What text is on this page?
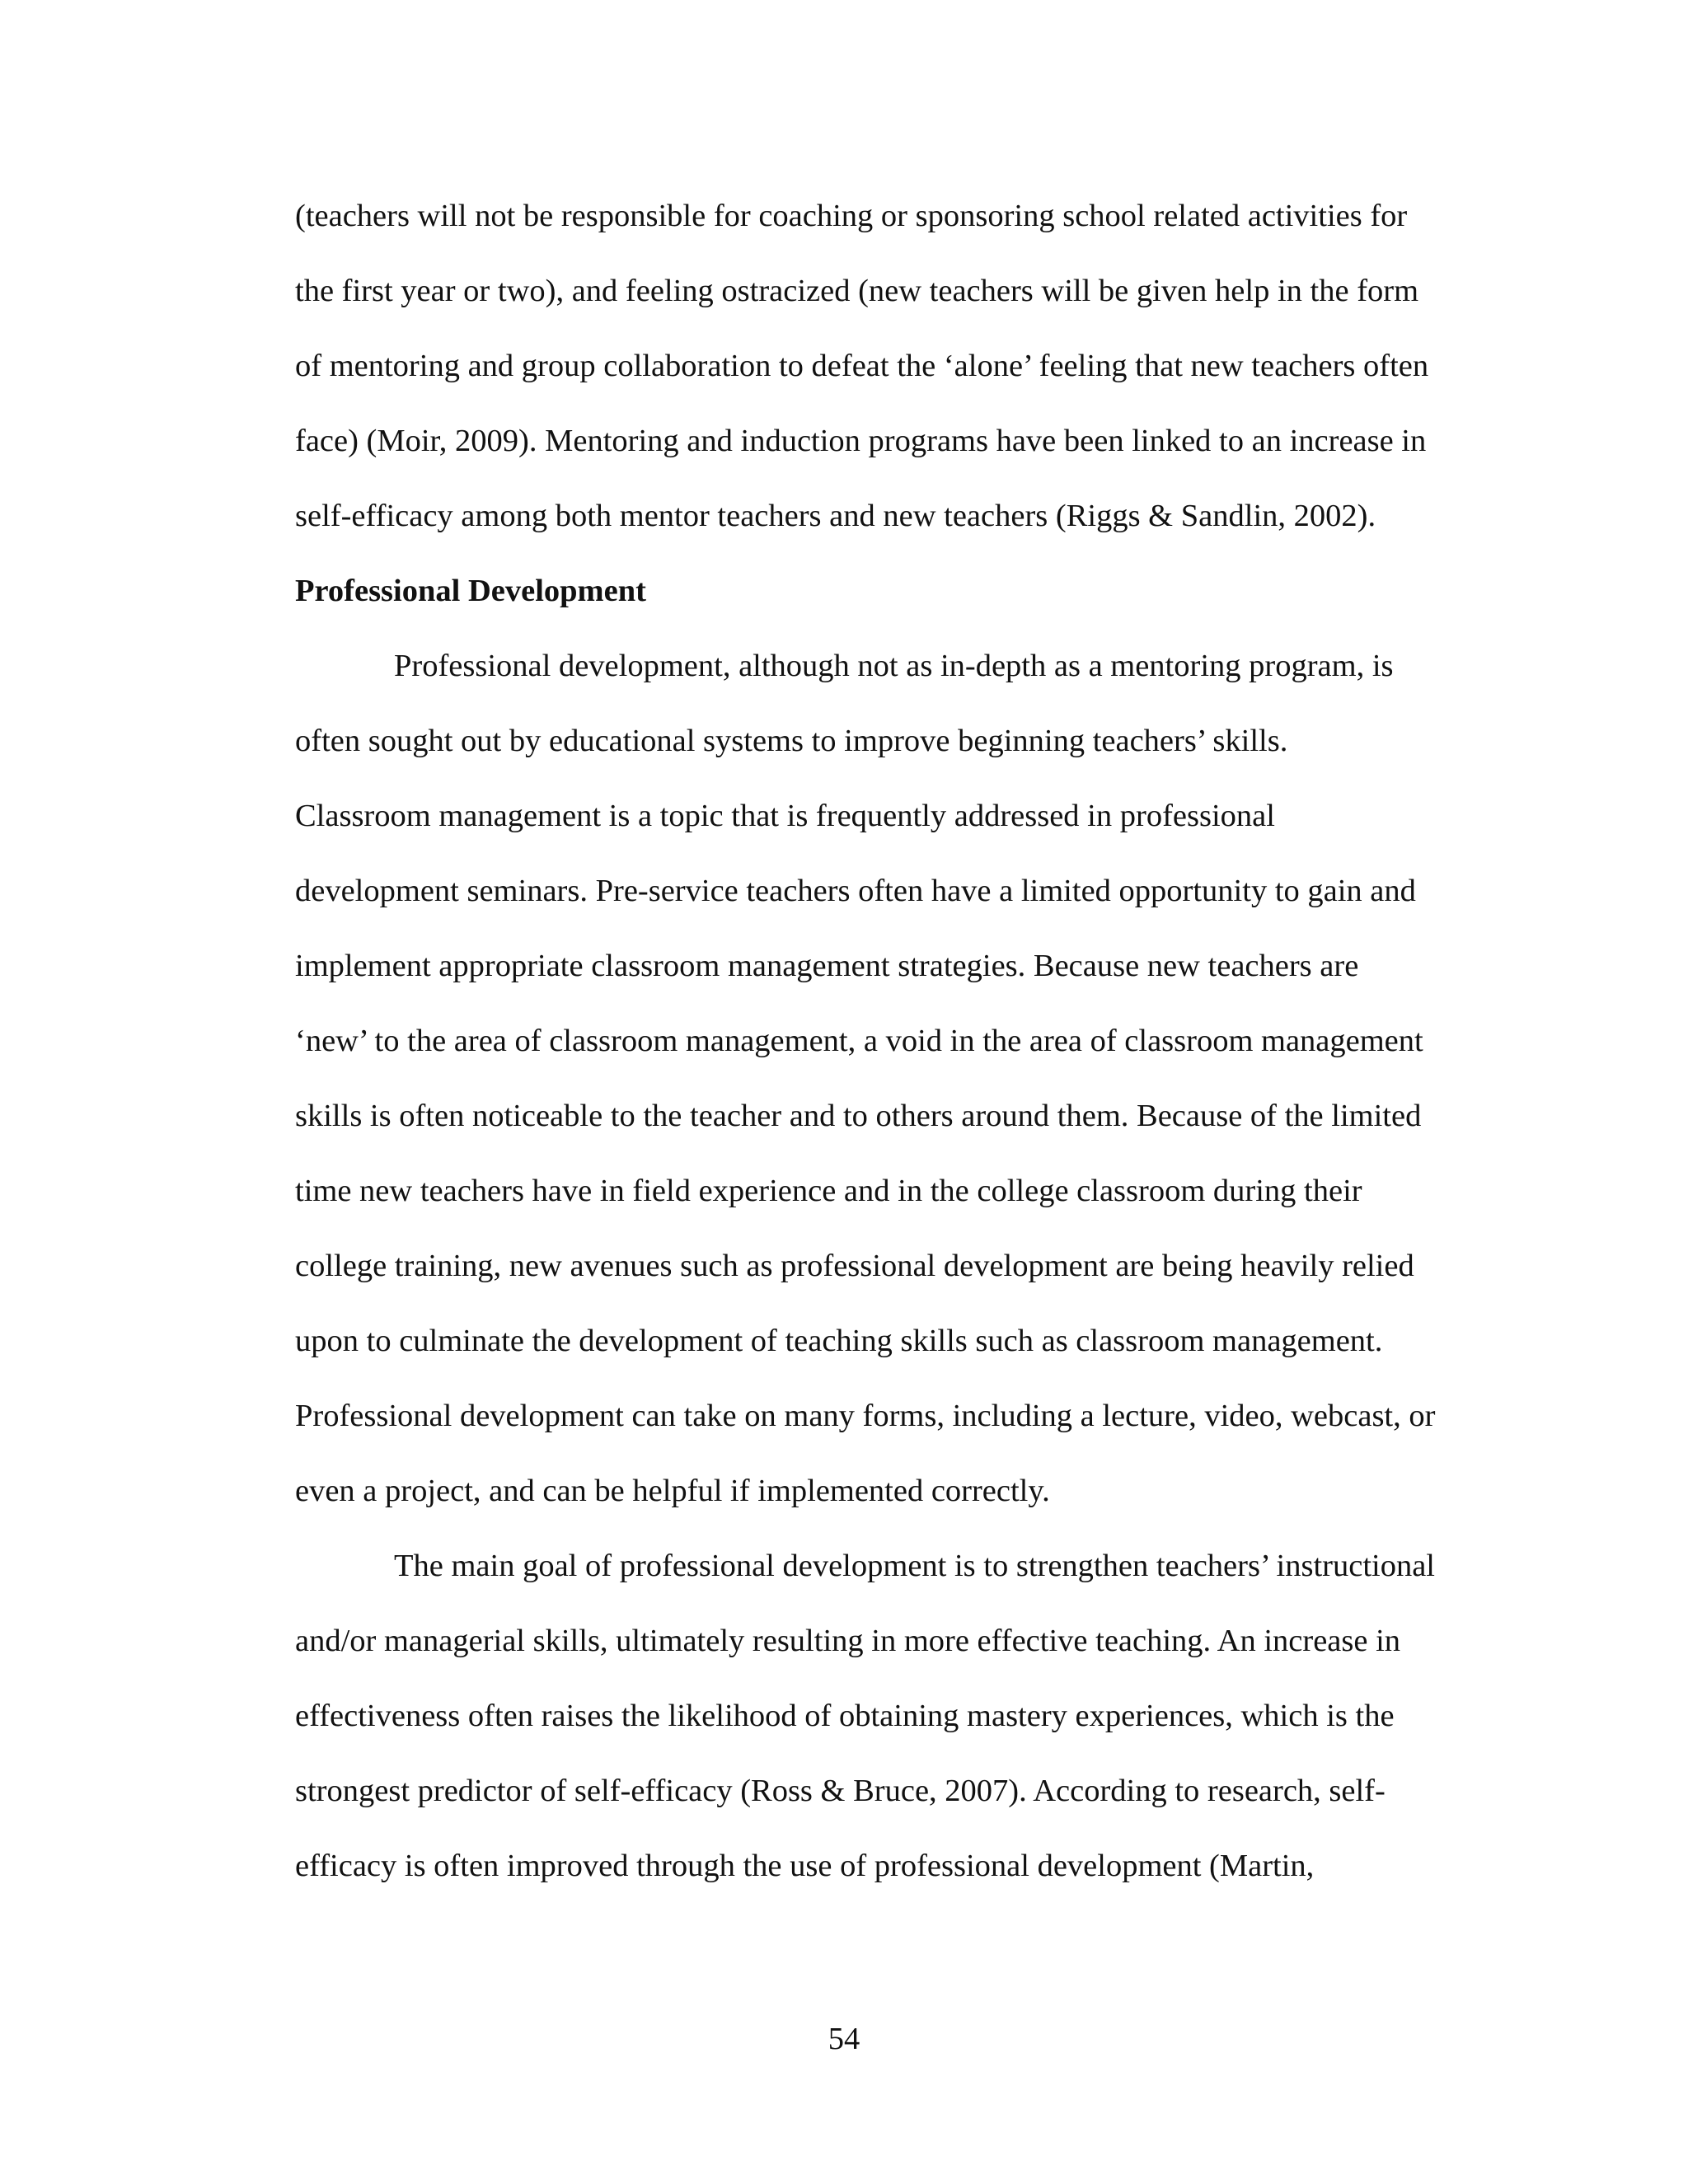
(teachers will not be responsible for coaching or sponsoring school related activities for
the first year or two), and feeling ostracized (new teachers will be given help in the form
of mentoring and group collaboration to defeat the ‘alone’ feeling that new teachers often
face) (Moir, 2009). Mentoring and induction programs have been linked to an increase in
self-efficacy among both mentor teachers and new teachers (Riggs & Sandlin, 2002).
Professional Development
Professional development, although not as in-depth as a mentoring program, is
often sought out by educational systems to improve beginning teachers’ skills.
Classroom management is a topic that is frequently addressed in professional
development seminars. Pre-service teachers often have a limited opportunity to gain and
implement appropriate classroom management strategies. Because new teachers are
‘new’ to the area of classroom management, a void in the area of classroom management
skills is often noticeable to the teacher and to others around them. Because of the limited
time new teachers have in field experience and in the college classroom during their
college training, new avenues such as professional development are being heavily relied
upon to culminate the development of teaching skills such as classroom management.
Professional development can take on many forms, including a lecture, video, webcast, or
even a project, and can be helpful if implemented correctly.
The main goal of professional development is to strengthen teachers’ instructional
and/or managerial skills, ultimately resulting in more effective teaching. An increase in
effectiveness often raises the likelihood of obtaining mastery experiences, which is the
strongest predictor of self-efficacy (Ross & Bruce, 2007). According to research, self-
efficacy is often improved through the use of professional development (Martin,
54
